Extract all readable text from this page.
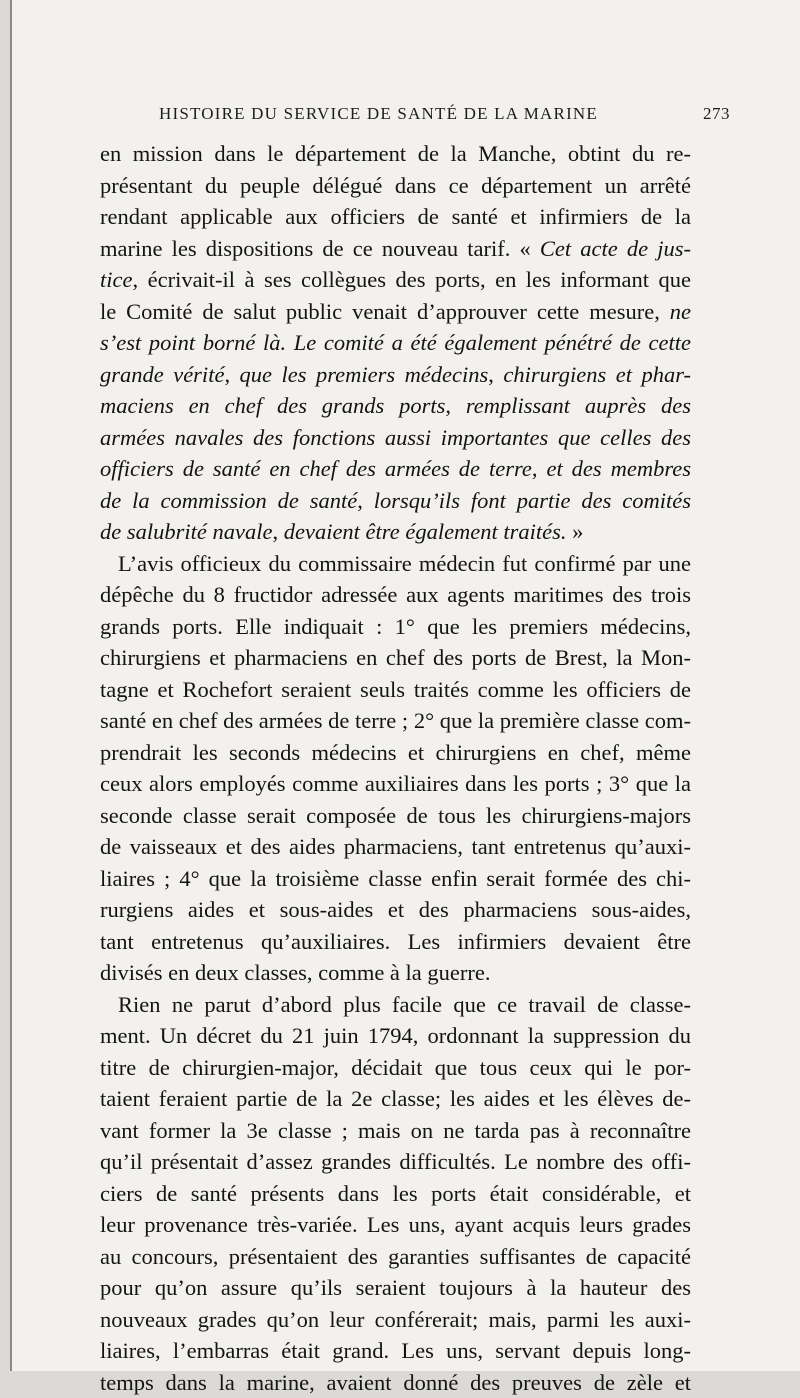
HISTOIRE DU SERVICE DE SANTÉ DE LA MARINE	273
en mission dans le département de la Manche, obtint du re-
présentant du peuple délégué dans ce département un arrêté
rendant applicable aux officiers de santé et infirmiers de la
marine les dispositions de ce nouveau tarif. « Cet acte de jus-
tice, écrivait-il à ses collègues des ports, en les informant que
le Comité de salut public venait d’approuver cette mesure, ne
s’est point borné là. Le comité a été également pénétré de cette
grande vérité, que les premiers médecins, chirurgiens et phar-
maciens en chef des grands ports, remplissant auprès des
armées navales des fonctions aussi importantes que celles des
officiers de santé en chef des armées de terre, et des membres
de la commission de santé, lorsqu’ils font partie des comités
de salubrité navale, devaient être également traités. »
L’avis officieux du commissaire médecin fut confirmé par une
dépêche du 8 fructidor adressée aux agents maritimes des trois
grands ports. Elle indiquait : 1° que les premiers médecins,
chirurgiens et pharmaciens en chef des ports de Brest, la Mon-
tagne et Rochefort seraient seuls traités comme les officiers de
santé en chef des armées de terre ; 2° que la première classe com-
prendrait les seconds médecins et chirurgiens en chef, même
ceux alors employés comme auxiliaires dans les ports ; 3° que la
seconde classe serait composée de tous les chirurgiens-majors
de vaisseaux et des aides pharmaciens, tant entretenus qu’auxi-
liaires ; 4° que la troisième classe enfin serait formée des chi-
rurgiens aides et sous-aides et des pharmaciens sous-aides,
tant entretenus qu’auxiliaires. Les infirmiers devaient être
divisés en deux classes, comme à la guerre.
Rien ne parut d’abord plus facile que ce travail de classe-
ment. Un décret du 21 juin 1794, ordonnant la suppression du
titre de chirurgien-major, décidait que tous ceux qui le por-
taient feraient partie de la 2e classe; les aides et les élèves de-
vant former la 3e classe ; mais on ne tarda pas à reconnaître
qu’il présentait d’assez grandes difficultés. Le nombre des offi-
ciers de santé présents dans les ports était considérable, et
leur provenance très-variée. Les uns, ayant acquis leurs grades
au concours, présentaient des garanties suffisantes de capacité
pour qu’on assure qu’ils seraient toujours à la hauteur des
nouveaux grades qu’on leur conférerait; mais, parmi les auxi-
liaires, l’embarras était grand. Les uns, servant depuis long-
temps dans la marine, avaient donné des preuves de zèle et
